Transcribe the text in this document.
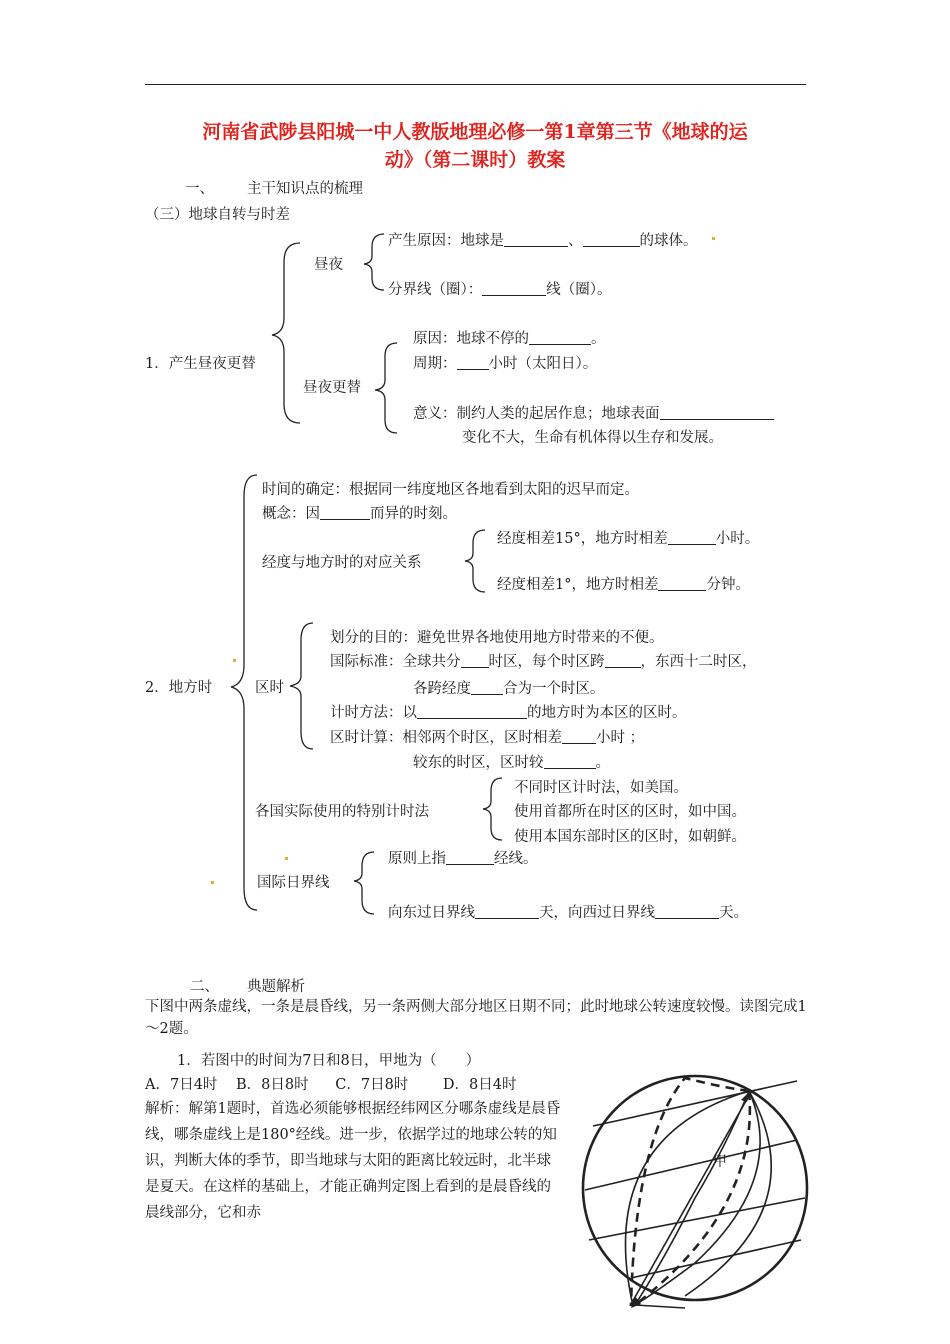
河南省武陟县阳城一中人教版地理必修一第1章第三节《地球的运
动》（第二课时）教案
一、 主干知识点的梳理
（三）地球自转与时差
1．产生昼夜更替
昼夜
产生原因：地球是	、	的球体。
分界线（圈）：	线（圈）。
昼夜更替
原因：地球不停的	。
周期： 小时（太阳日）。
意义：制约人类的起居作息；地球表面
变化不大，生命有机体得以生存和发展。
2．地方时
时间的确定：根据同一纬度地区各地看到太阳的迟早而定。
概念：因	而异的时刻。
经度与地方时的对应关系
经度相差15°，地方时相差	小时。
经度相差1°，地方时相差	分钟。
区时
划分的目的：避免世界各地使用地方时带来的不便。
国际标准：全球共分 时区，每个时区跨 ，东西十二时区，
各跨经度 合为一个时区。
计时方法：以	的地方时为本区的区时。
区时计算：相邻两个时区，区时相差 小时 ；
较东的时区，区时较	。
各国实际使用的特别计时法
不同时区计时法，如美国。
使用首都所在时区的区时，如中国。
使用本国东部时区的区时，如朝鲜。
国际日界线
原则上指	经线。
向东过日界线	天，向西过日界线	天。
二、 典题解析
下图中两条虚线，一条是晨昏线，另一条两侧大部分地区日期不同；此时地球公转速度较慢。读图完成1～2题。
1．若图中的时间为7日和8日，甲地为（　　）
A．7日4时 B．8日8时 C．7日8时 D．8日4时
解析：解第1题时，首选必须能够根据经纬网区分哪条虚线是晨昏线，哪条虚线上是180°经线。进一步，依据学过的地球公转的知识，判断大体的季节，即当地球与太阳的距离比较远时，北半球是夏天。在这样的基础上，才能正确判定图上看到的是晨昏线的晨线部分，它和赤
甲
